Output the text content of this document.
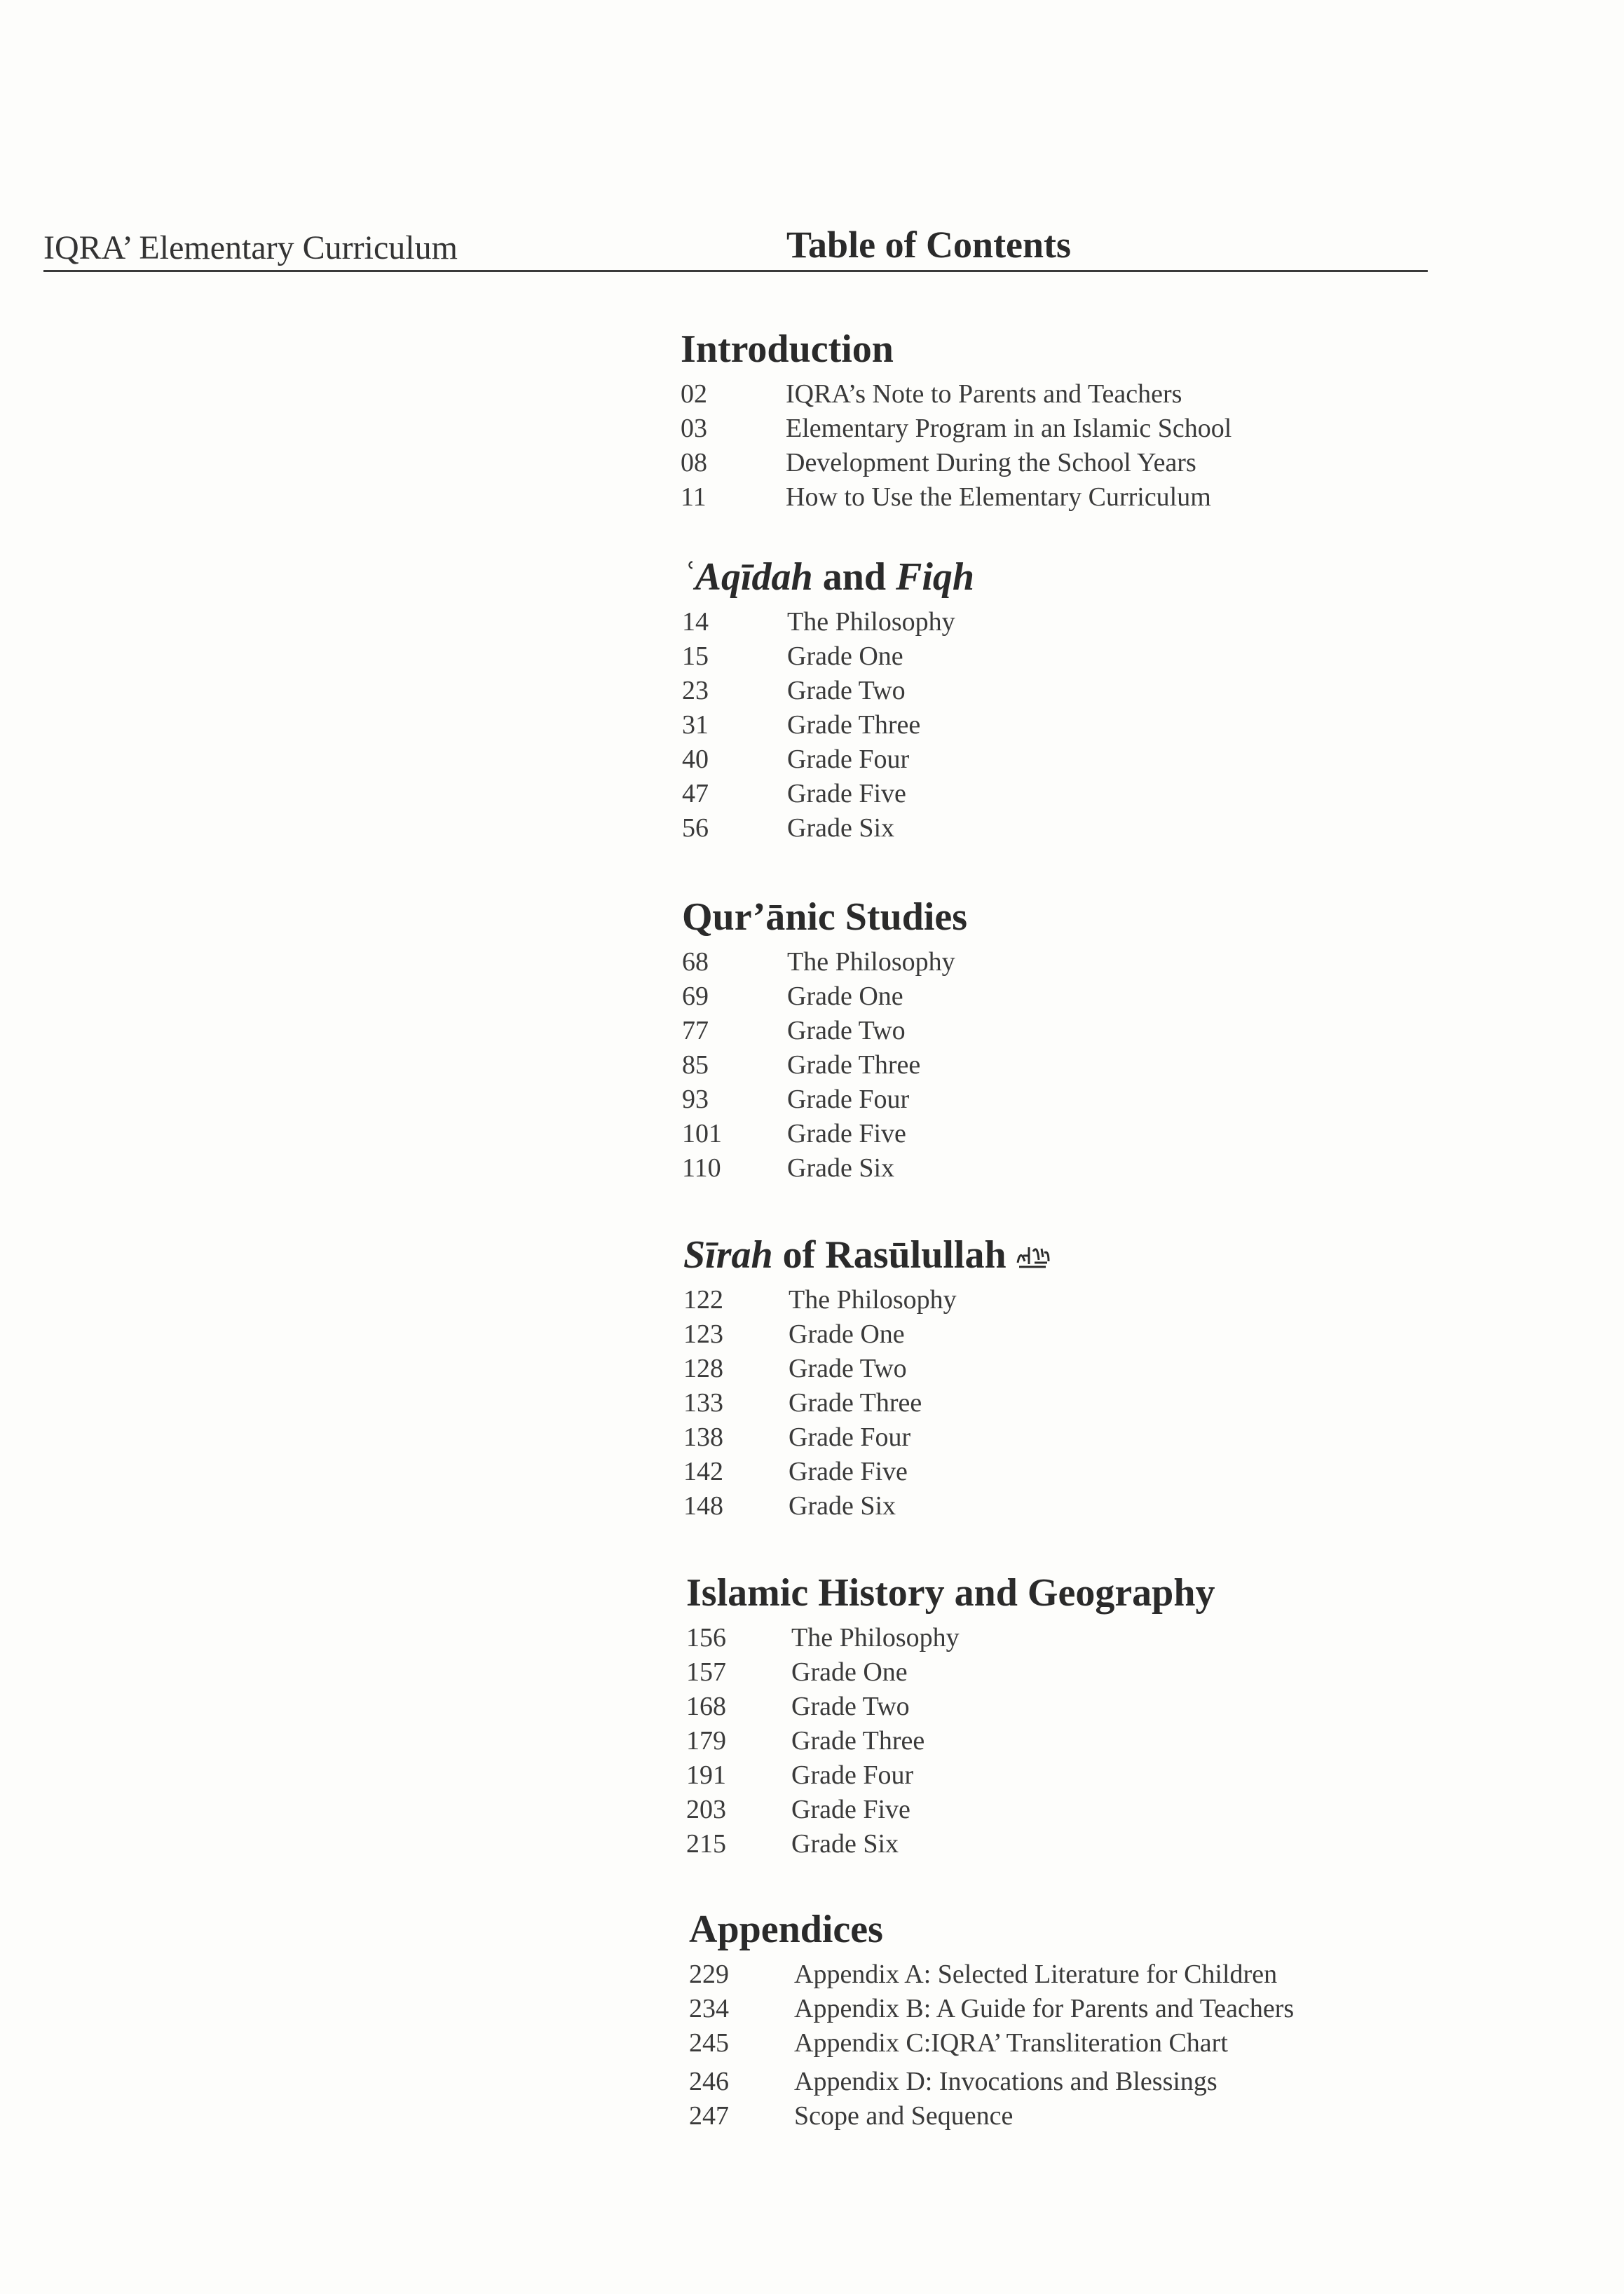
IQRA’ Elementary Curriculum	Table of Contents
Introduction
02	IQRA’s Note to Parents and Teachers
03	Elementary Program in an Islamic School
08	Development During the School Years
11	How to Use the Elementary Curriculum
ʿAqīdah and Fiqh
14	The Philosophy
15	Grade One
23	Grade Two
31	Grade Three
40	Grade Four
47	Grade Five
56	Grade Six
Qur’ānic Studies
68	The Philosophy
69	Grade One
77	Grade Two
85	Grade Three
93	Grade Four
101	Grade Five
110	Grade Six
Sīrah of Rasūlullah
122	The Philosophy
123	Grade One
128	Grade Two
133	Grade Three
138	Grade Four
142	Grade Five
148	Grade Six
Islamic History and Geography
156	The Philosophy
157	Grade One
168	Grade Two
179	Grade Three
191	Grade Four
203	Grade Five
215	Grade Six
Appendices
229	Appendix A: Selected Literature for Children
234	Appendix B: A Guide for Parents and Teachers
245	Appendix C:IQRA’ Transliteration Chart
246	Appendix D: Invocations and Blessings
247	Scope and Sequence
